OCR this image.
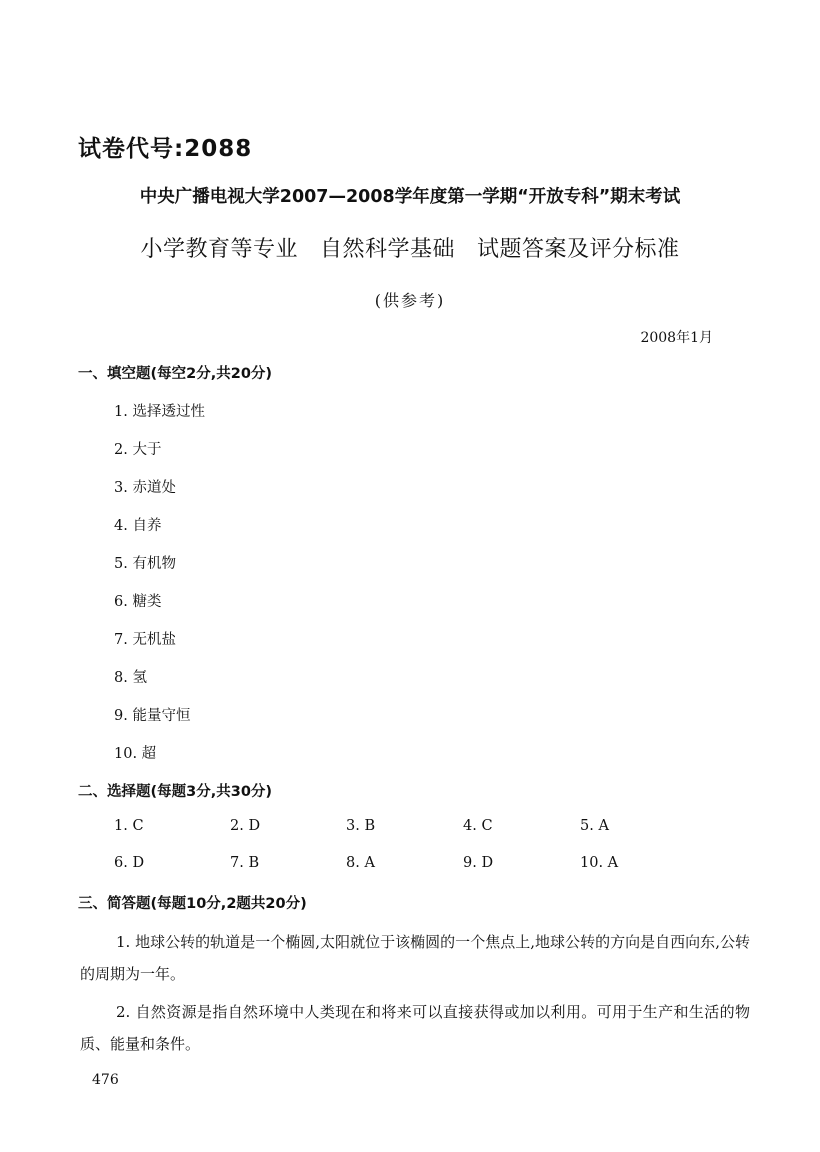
试卷代号:2088
中央广播电视大学2007—2008学年度第一学期“开放专科”期末考试
小学教育等专业 自然科学基础 试题答案及评分标准
(供参考)
2008年1月
一、填空题(每空2分,共20分)
1. 选择透过性
2. 大于
3. 赤道处
4. 自养
5. 有机物
6. 糖类
7. 无机盐
8. 氢
9. 能量守恒
10. 超
二、选择题(每题3分,共30分)
1. C	2. D	3. B	4. C	5. A
6. D	7. B	8. A	9. D	10. A
三、简答题(每题10分,2题共20分)
1. 地球公转的轨道是一个椭圆,太阳就位于该椭圆的一个焦点上,地球公转的方向是自西向东,公转的周期为一年。
2. 自然资源是指自然环境中人类现在和将来可以直接获得或加以利用。可用于生产和生活的物质、能量和条件。
476
